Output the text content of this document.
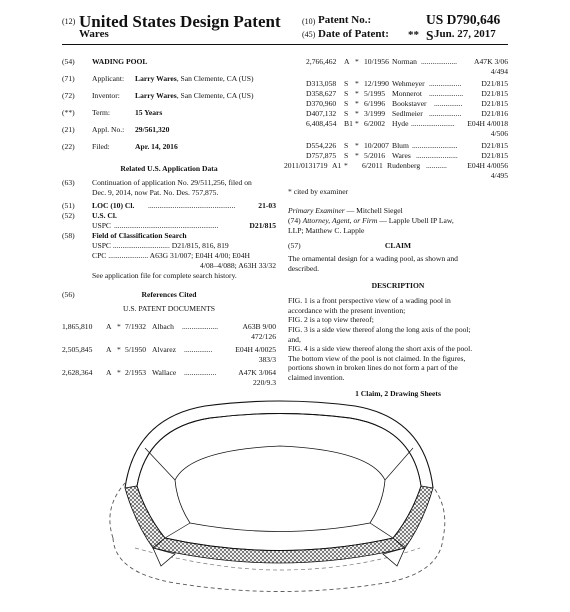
(12) United States Design Patent	(10) Patent No.:	US D790,646 S
Wares	(45) Date of Patent: ** Jun. 27, 2017
(54) WADING POOL
(71) Applicant: Larry Wares, San Clemente, CA (US)
(72) Inventor: Larry Wares, San Clemente, CA (US)
(**) Term:	15 Years
(21) Appl. No.: 29/561,320
(22) Filed:	Apr. 14, 2016
Related U.S. Application Data
(63) Continuation of application No. 29/511,256, filed on
Dec. 9, 2014, now Pat. No. Des. 757,875.
(51) LOC (10) Cl. ..............................................	21-03
(52) U.S. Cl.
USPC .......................................................	D21/815
(58) Field of Classification Search
USPC .............................. D21/815, 816, 819
CPC ..................... A63G 31/007; E04H 4/00; E04H
4/08–4/088; A63H 33/32
See application file for complete search history.
(56)	References Cited
U.S. PATENT DOCUMENTS
1,865,810 A * 7/1932 Albach ...................	A63B 9/00
472/126
2,505,845 A * 5/1950 Alvarez ...............	E04H 4/0025
383/3
2,628,364 A * 2/1953 Wallace .................	A47K 3/064
220/9.3
2,766,462 A * 10/1956 Norman ................... A47K 3/06
4/494
D313,058 S * 12/1990 Wehmeyer .................	D21/815
D358,627 S * 5/1995 Monnerot .................. D21/815
D370,960 S * 6/1996 Bookstaver ............... D21/815
D407,132 S * 3/1999 Sedlmeier .................	D21/816
6,408,454 B1 * 6/2002 Hyde ....................... E04H 4/0018
4/506
D554,226 S * 10/2007 Blum ........................	D21/815
D757,875 S * 5/2016 Wares ......................	D21/815
2011/0131719 A1 * 6/2011 Rudenberg ...........	E04H 4/0056
4/495
* cited by examiner
Primary Examiner — Mitchell Siegel
(74) Attorney, Agent, or Firm — Lapple Ubell IP Law,
LLP; Matthew C. Lapple
(57)	CLAIM
The ornamental design for a wading pool, as shown and
described.
DESCRIPTION
FIG. 1 is a front perspective view of a wading pool in
accordance with the present invention;
FIG. 2 is a top view thereof;
FIG. 3 is a side view thereof along the long axis of the pool;
and,
FIG. 4 is a side view thereof along the short axis of the pool.
The bottom view of the pool is not claimed. In the figures,
portions shown in broken lines do not form a part of the
claimed invention.
1 Claim, 2 Drawing Sheets
